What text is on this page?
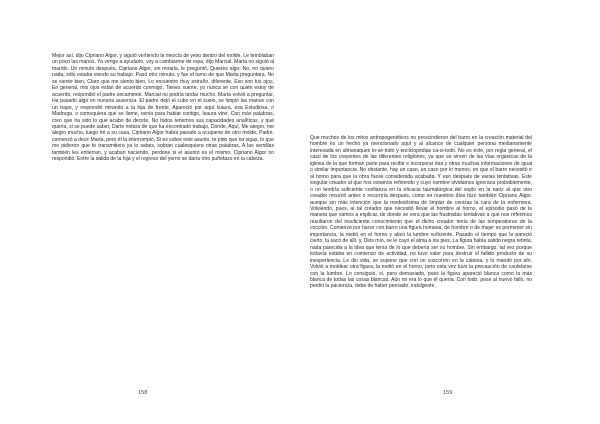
Mejor así, dijo Cipriano Algor, y siguió vertiendo la mezcla de yeso dentro del molde. Le temblaban un poco las manos. Ya vengo a ayudarlo, voy a cambiarme de ropa, dijo Marcial. Marta no siguió al marido. Un minuto después, Cipriano Algor, sin mirarla, le preguntó, Quieres algo, No, no quiero nada, sólo estaba viendo su trabajo. Pasó otro minuto, y fue el turno de que Marta preguntara, No se siente bien, Claro que me siento bien, Lo encuentro muy extraño, diferente, Eso son tus ojos, En general, mis ojos están de acuerdo conmigo, Tienes suerte, yo nunca sé con quién estoy de acuerdo, respondió el padre secamente. Marcial no podría tardar mucho. Marta volvió a preguntar, Ha pasado algo en nuestra ausencia. El padre dejó el cubo en el suelo, se limpió las manos con un trapo, y respondió mirando a la hija de frente, Apareció por aquí Isaura, esa Estudiosa, o Madruga, o comoquiera que se llame, venía para hablar contigo, Isaura vino, Con más palabras, creo que ha sido lo que acabo de decirte, No todos tenemos sus capacidades analíticas, y qué quería, si se puede saber, Darte noticia de que ha encontrado trabajo, Dónde, Aquí, Me alegro, me alegro mucho, luego iré a su casa. Cipriano Algor había pasado a ocuparse de otro molde, Padre, comenzó a decir Marta, pero él la interrumpió, Si es sobre este asunto, te pido que no sigas, lo que me pidieron que te transmitiera ya lo sabes, sobran cualesquiera otras palabras, A las semillas también les entierran, y acaban naciendo, perdone si el asunto es el mismo. Cipriano Algor no respondió. Entre la salida de la hija y el regreso del yerno se daría otro puñetazo en la cabeza.
158
Que muchos de los mitos antropogenéticos no prescindieron del barro en la creación material del hombre es un hecho ya mencionado aquí y al alcance de cualquier persona medianamente interesada en almanaques lo-sé-todo y enciclopedias ca-si-todo. No es éste, por regla general, el caso de los creyentes de las diferentes religiones, ya que se sirven de las vías orgánicas de la iglesia de la que forman parte para recibir e incorporar ésa y otras muchas informaciones de igual o similar importancia. No obstante, hay un caso, un caso por lo menos, en que el barro necesitó ir al horno para que la obra fuese considerada acabada. Y eso después de varias tentativas. Este singular creador al que nos estamos refiriendo y cuyo nombre olvidamos ignoraria probablemente, o no tendría suficiente confianza en la eficacia taumatúrgica del soplo en la nariz al que otro creador recurrió antes o recurriría después, como en nuestros días hizo también Cipriano Algor, aunque sin más intención que la modestísima de limpiar de cenizas la cara de la enfermera. Volviendo, pues, al tal creador que necesitó llevar el hombre al horno, el episodio pasó de la manera que vamos a explicar, de donde se verá que las frustradas tentativas a que nos referimos resultaron del insuficiente conocimiento que el dicho creador tenía de las temperaturas de la cocción. Comenzó por hacer con barro una figura humana, de hombre o de mujer es pormenor sin importancia, la metió en el horno y atizó la lumbre suficiente. Pasado el tiempo que le pareció cierto, la sacó de allí, y, Dios mío, se le cayó el alma a los pies. La figura había salido negra retinta, nada parecida a la idea que tenía de lo que debería ser su hombre. Sin embargo, tal vez porque todavía estaba en comienzo de actividad, no tuvo valor para destruir el fallido producto de su inexperiencia. Le dio vida, se supone que con un coscorrón en la cabeza, y lo mandó por ahí. Volvió a moldear otra figura, la metió en el horno, pero esta vez tuvo la precaución de cautelarse con la lumbre. Lo consiguió, sí, pero demasiado, pues la figura apareció blanca como la más blanca de todas las cosas blancas. Aún no era lo que él quería. Con todo, pese al nuevo fallo, no perdió la paciencia, debe de haber pensado, indulgente,
159
